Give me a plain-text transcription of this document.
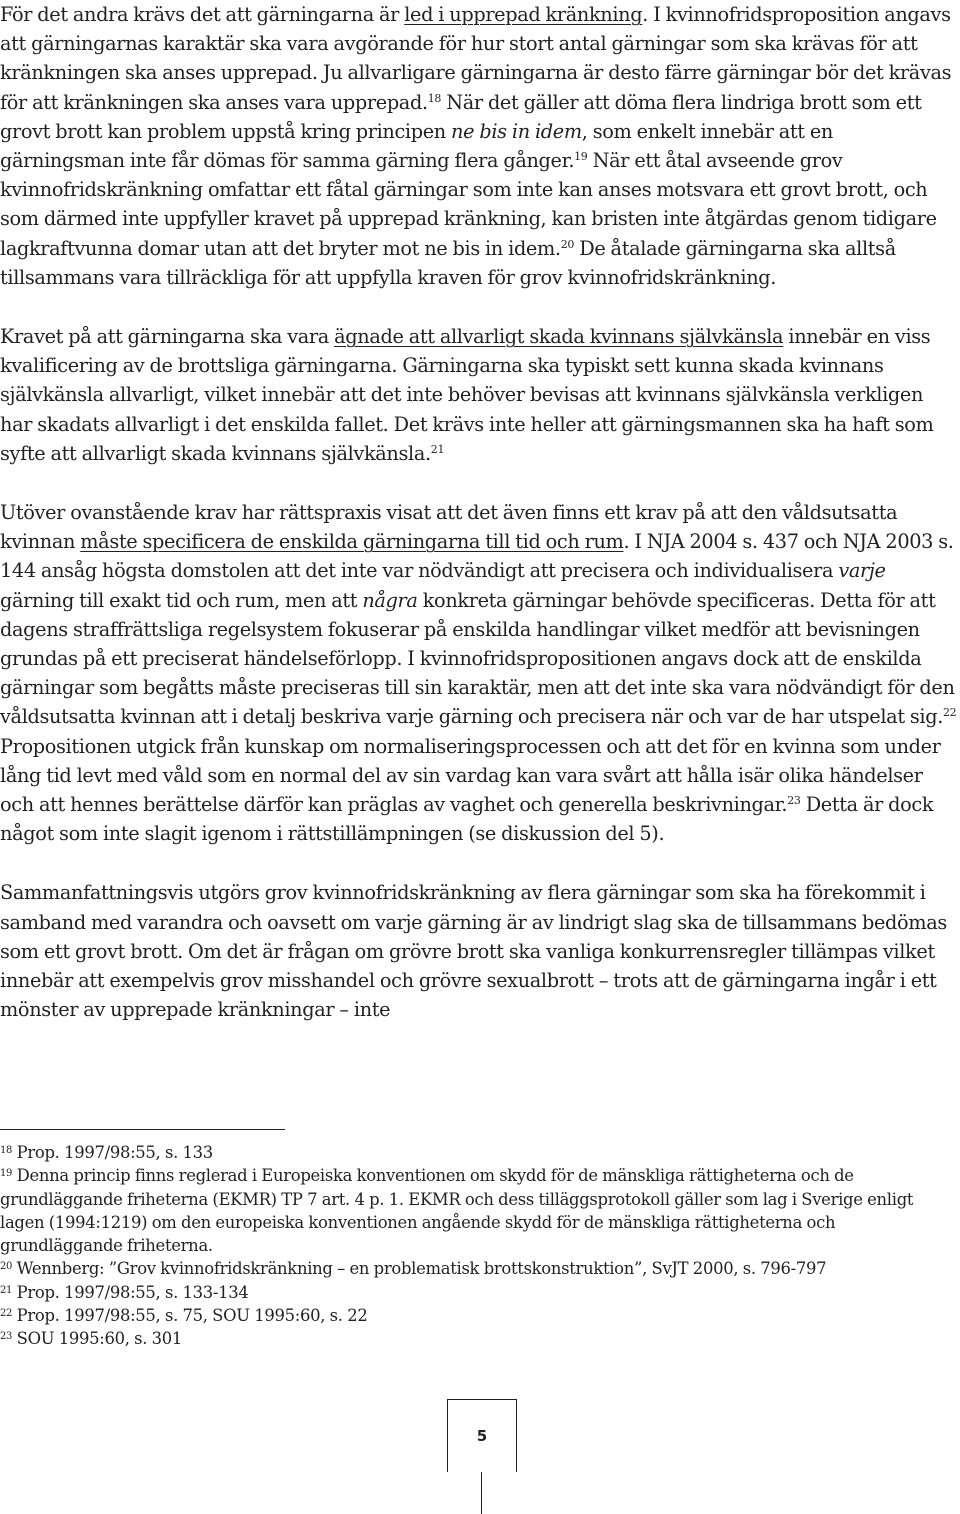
För det andra krävs det att gärningarna är led i upprepad kränkning. I kvinnofridsproposition angavs att gärningarnas karaktär ska vara avgörande för hur stort antal gärningar som ska krävas för att kränkningen ska anses upprepad. Ju allvarligare gärningarna är desto färre gärningar bör det krävas för att kränkningen ska anses vara upprepad.$^{18}$ När det gäller att döma flera lindriga brott som ett grovt brott kan problem uppstå kring principen ne bis in idem, som enkelt innebär att en gärningsman inte får dömas för samma gärning flera gånger.$^{19}$ När ett åtal avseende grov kvinnofridskränkning omfattar ett fåtal gärningar som inte kan anses motsvara ett grovt brott, och som därmed inte uppfyller kravet på upprepad kränkning, kan bristen inte åtgärdas genom tidigare lagkraftvunna domar utan att det bryter mot ne bis in idem.$^{20}$ De åtalade gärningarna ska alltså tillsammans vara tillräckliga för att uppfylla kraven för grov kvinnofridskränkning.

Kravet på att gärningarna ska vara ägnade att allvarligt skada kvinnans självkänsla innebär en viss kvalificering av de brottsliga gärningarna. Gärningarna ska typiskt sett kunna skada kvinnans självkänsla allvarligt, vilket innebär att det inte behöver bevisas att kvinnans självkänsla verkligen har skadats allvarligt i det enskilda fallet. Det krävs inte heller att gärningsmannen ska ha haft som syfte att allvarligt skada kvinnans självkänsla.$^{21}$

Utöver ovanstående krav har rättspraxis visat att det även finns ett krav på att den våldsutsatta kvinnan måste specificera de enskilda gärningarna till tid och rum. I NJA 2004 s. 437 och NJA 2003 s. 144 ansåg högsta domstolen att det inte var nödvändigt att precisera och individualisera varje gärning till exakt tid och rum, men att några konkreta gärningar behövde specificeras. Detta för att dagens straffrättsliga regelsystem fokuserar på enskilda handlingar vilket medför att bevisningen grundas på ett preciserat händelseförlopp. I kvinnofridspropositionen angavs dock att de enskilda gärningar som begåtts måste preciseras till sin karaktär, men att det inte ska vara nödvändigt för den våldsutsatta kvinnan att i detalj beskriva varje gärning och precisera när och var de har utspelat sig.$^{22}$ Propositionen utgick från kunskap om normaliseringsprocessen och att det för en kvinna som under lång tid levt med våld som en normal del av sin vardag kan vara svårt att hålla isär olika händelser och att hennes berättelse därför kan präglas av vaghet och generella beskrivningar.$^{23}$ Detta är dock något som inte slagit igenom i rättstillämpningen (se diskussion del 5).

Sammanfattningsvis utgörs grov kvinnofridskränkning av flera gärningar som ska ha förekommit i samband med varandra och oavsett om varje gärning är av lindrigt slag ska de tillsammans bedömas som ett grovt brott. Om det är frågan om grövre brott ska vanliga konkurrensregler tillämpas vilket innebär att exempelvis grov misshandel och grövre sexualbrott – trots att de gärningarna ingår i ett mönster av upprepade kränkningar – inte

$^{18}$ Prop. 1997/98:55, s. 133

$^{19}$ Denna princip finns reglerad i Europeiska konventionen om skydd för de mänskliga rättigheterna och de grundläggande friheterna (EKMR) TP 7 art. 4 p. 1. EKMR och dess tilläggsprotokoll gäller som lag i Sverige enligt lagen (1994:1219) om den europeiska konventionen angående skydd för de mänskliga rättigheterna och grundläggande friheterna.

$^{20}$ Wennberg: ”Grov kvinnofridskränkning – en problematisk brottskonstruktion”, SvJT 2000, s. 796-797

$^{21}$ Prop. 1997/98:55, s. 133-134

$^{22}$ Prop. 1997/98:55, s. 75, SOU 1995:60, s. 22

$^{23}$ SOU 1995:60, s. 301

5
